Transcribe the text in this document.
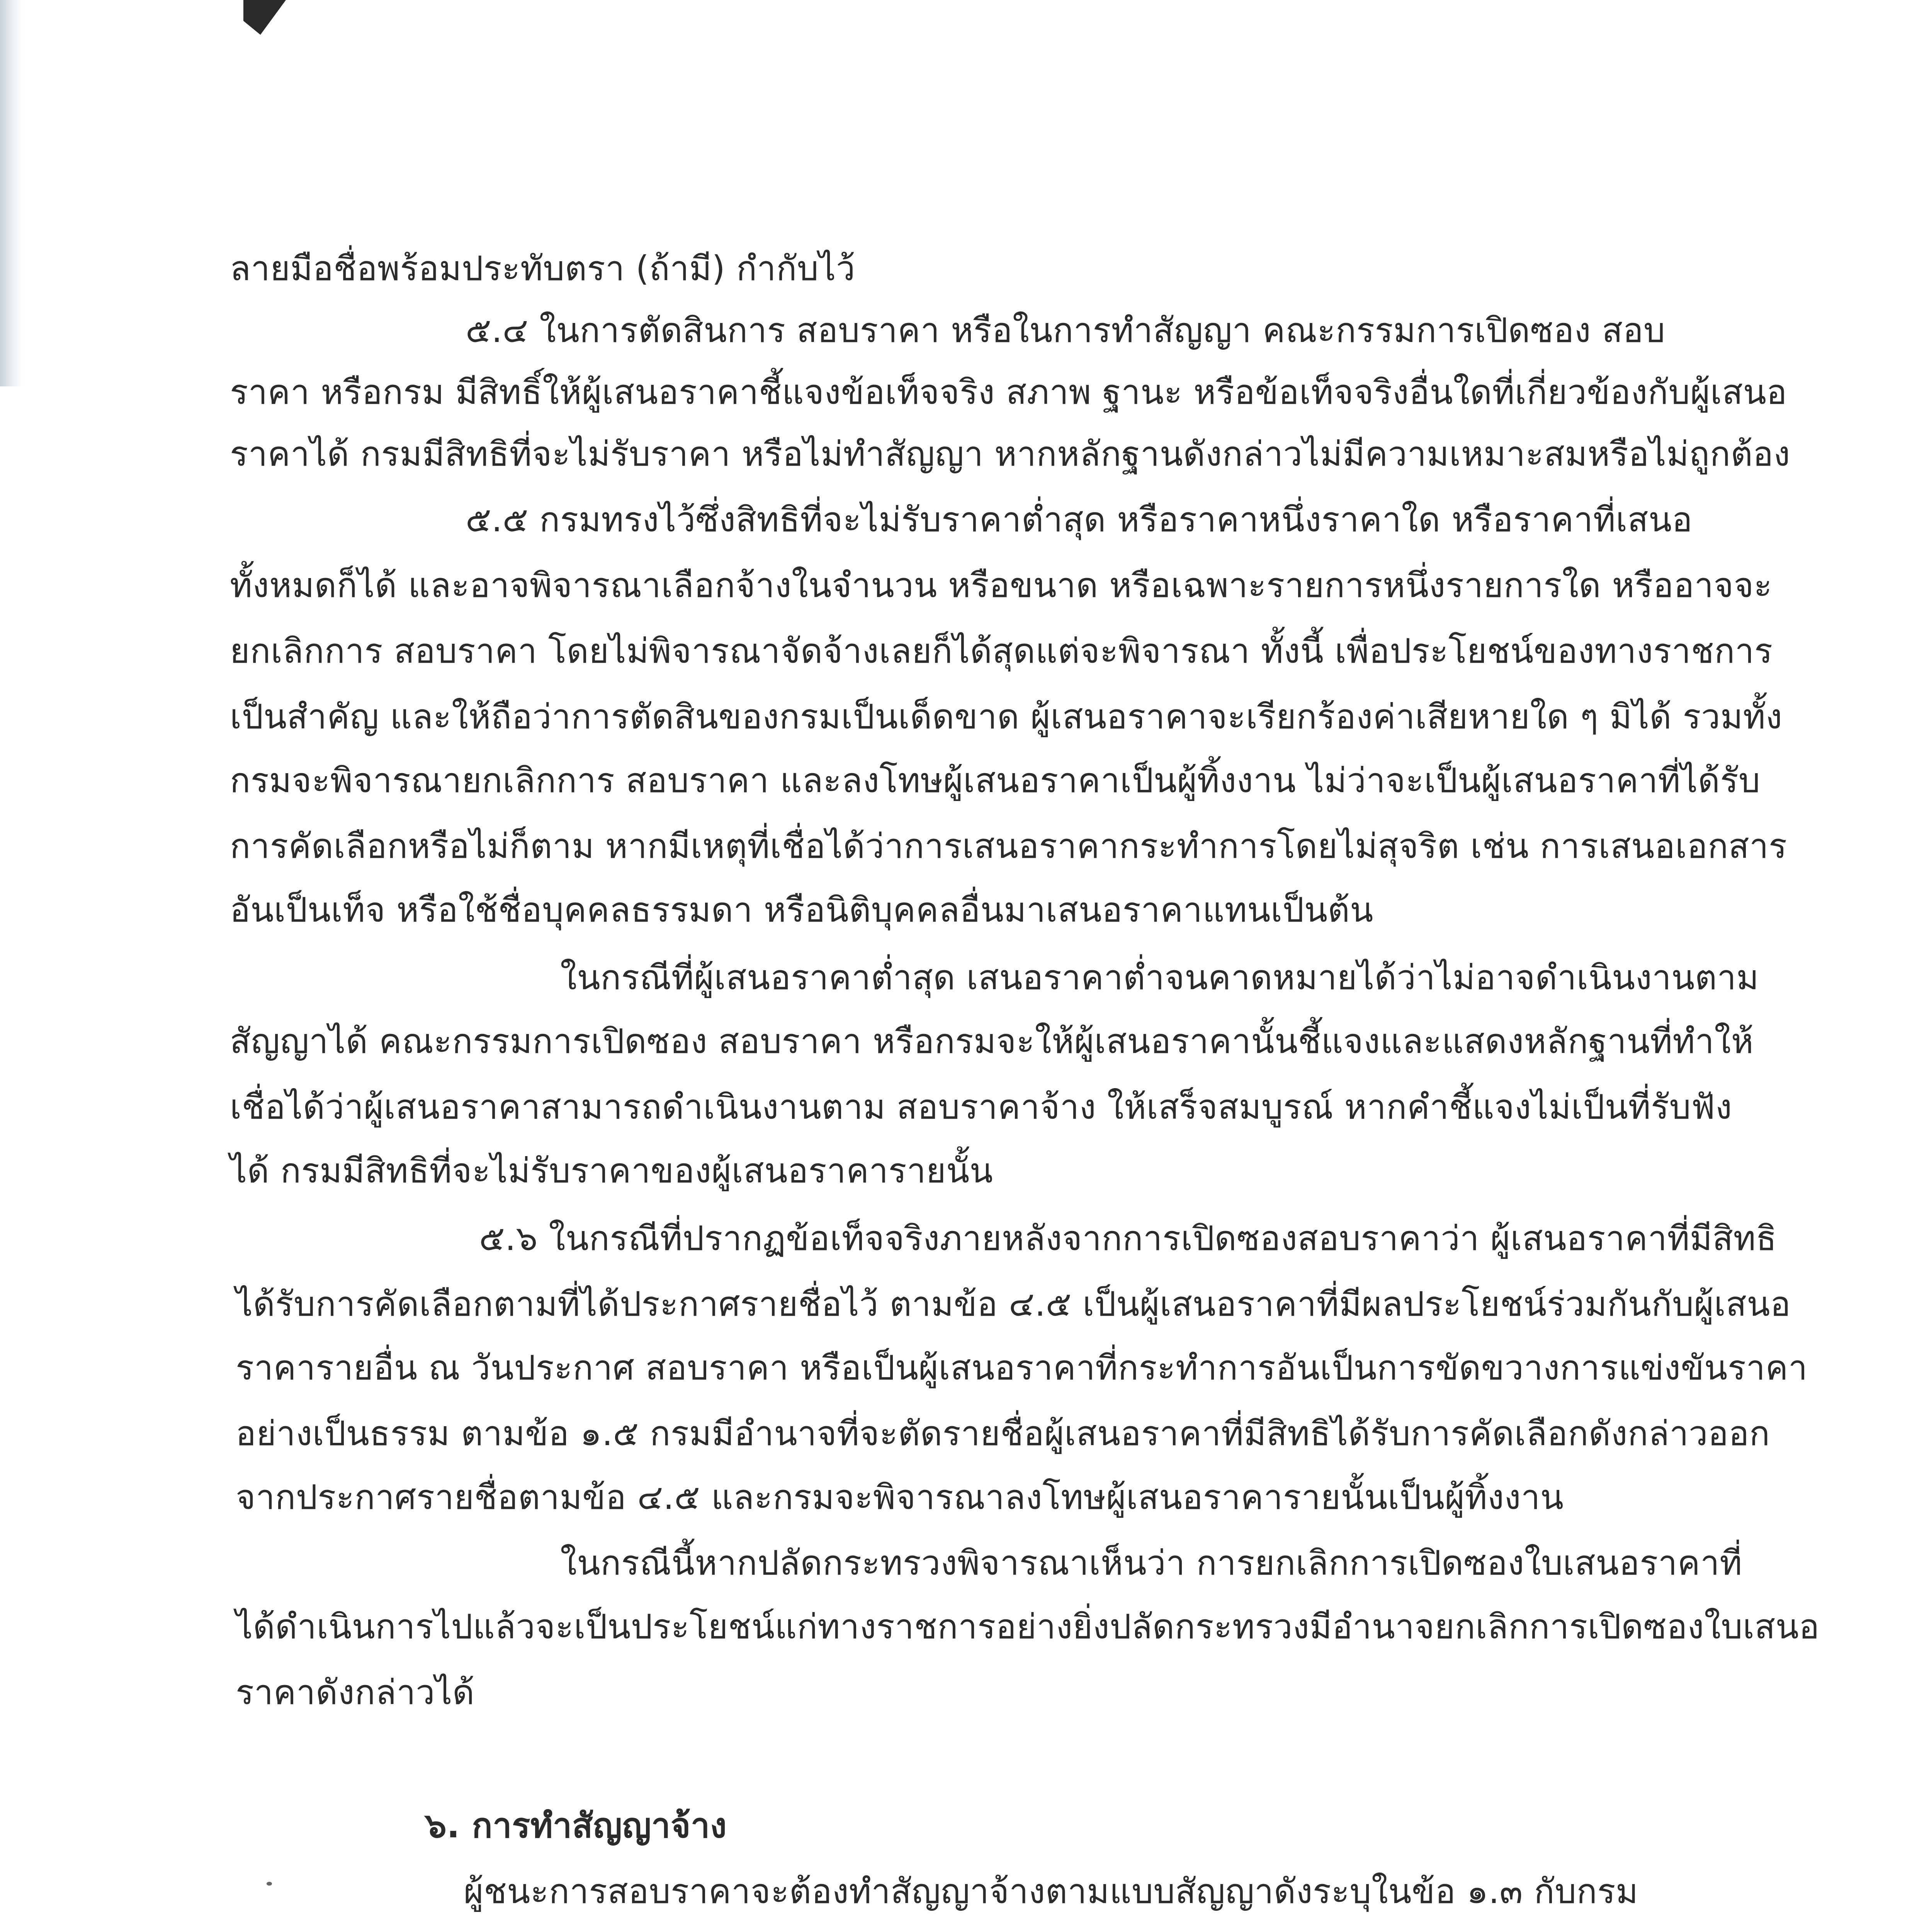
ลายมือชื่อพร้อมประทับตรา (ถ้ามี) กำกับไว้
๕.๔ ในการตัดสินการ สอบราคา หรือในการทำสัญญา คณะกรรมการเปิดซอง สอบ
ราคา หรือกรม มีสิทธิ์ให้ผู้เสนอราคาชี้แจงข้อเท็จจริง สภาพ ฐานะ หรือข้อเท็จจริงอื่นใดที่เกี่ยวข้องกับผู้เสนอ
ราคาได้ กรมมีสิทธิที่จะไม่รับราคา หรือไม่ทำสัญญา หากหลักฐานดังกล่าวไม่มีความเหมาะสมหรือไม่ถูกต้อง
๕.๕ กรมทรงไว้ซึ่งสิทธิที่จะไม่รับราคาต่ำสุด หรือราคาหนึ่งราคาใด หรือราคาที่เสนอ
ทั้งหมดก็ได้ และอาจพิจารณาเลือกจ้างในจำนวน หรือขนาด หรือเฉพาะรายการหนึ่งรายการใด หรืออาจจะ
ยกเลิกการ สอบราคา โดยไม่พิจารณาจัดจ้างเลยก็ได้สุดแต่จะพิจารณา ทั้งนี้ เพื่อประโยชน์ของทางราชการ
เป็นสำคัญ และให้ถือว่าการตัดสินของกรมเป็นเด็ดขาด ผู้เสนอราคาจะเรียกร้องค่าเสียหายใด ๆ มิได้ รวมทั้ง
กรมจะพิจารณายกเลิกการ สอบราคา และลงโทษผู้เสนอราคาเป็นผู้ทิ้งงาน ไม่ว่าจะเป็นผู้เสนอราคาที่ได้รับ
การคัดเลือกหรือไม่ก็ตาม หากมีเหตุที่เชื่อได้ว่าการเสนอราคากระทำการโดยไม่สุจริต เช่น การเสนอเอกสาร
อันเป็นเท็จ หรือใช้ชื่อบุคคลธรรมดา หรือนิติบุคคลอื่นมาเสนอราคาแทนเป็นต้น
ในกรณีที่ผู้เสนอราคาต่ำสุด เสนอราคาต่ำจนคาดหมายได้ว่าไม่อาจดำเนินงานตาม
สัญญาได้ คณะกรรมการเปิดซอง สอบราคา หรือกรมจะให้ผู้เสนอราคานั้นชี้แจงและแสดงหลักฐานที่ทำให้
เชื่อได้ว่าผู้เสนอราคาสามารถดำเนินงานตาม สอบราคาจ้าง ให้เสร็จสมบูรณ์ หากคำชี้แจงไม่เป็นที่รับฟัง
ได้ กรมมีสิทธิที่จะไม่รับราคาของผู้เสนอราคารายนั้น
๕.๖ ในกรณีที่ปรากฏข้อเท็จจริงภายหลังจากการเปิดซองสอบราคาว่า ผู้เสนอราคาที่มีสิทธิ
ได้รับการคัดเลือกตามที่ได้ประกาศรายชื่อไว้ ตามข้อ ๔.๕ เป็นผู้เสนอราคาที่มีผลประโยชน์ร่วมกันกับผู้เสนอ
ราคารายอื่น ณ วันประกาศ สอบราคา หรือเป็นผู้เสนอราคาที่กระทำการอันเป็นการขัดขวางการแข่งขันราคา
อย่างเป็นธรรม ตามข้อ ๑.๕ กรมมีอำนาจที่จะตัดรายชื่อผู้เสนอราคาที่มีสิทธิได้รับการคัดเลือกดังกล่าวออก
จากประกาศรายชื่อตามข้อ ๔.๕ และกรมจะพิจารณาลงโทษผู้เสนอราคารายนั้นเป็นผู้ทิ้งงาน
ในกรณีนี้หากปลัดกระทรวงพิจารณาเห็นว่า การยกเลิกการเปิดซองใบเสนอราคาที่
ได้ดำเนินการไปแล้วจะเป็นประโยชน์แก่ทางราชการอย่างยิ่งปลัดกระทรวงมีอำนาจยกเลิกการเปิดซองใบเสนอ
ราคาดังกล่าวได้
๖. การทำสัญญาจ้าง
ผู้ชนะการสอบราคาจะต้องทำสัญญาจ้างตามแบบสัญญาดังระบุในข้อ ๑.๓ กับกรม
